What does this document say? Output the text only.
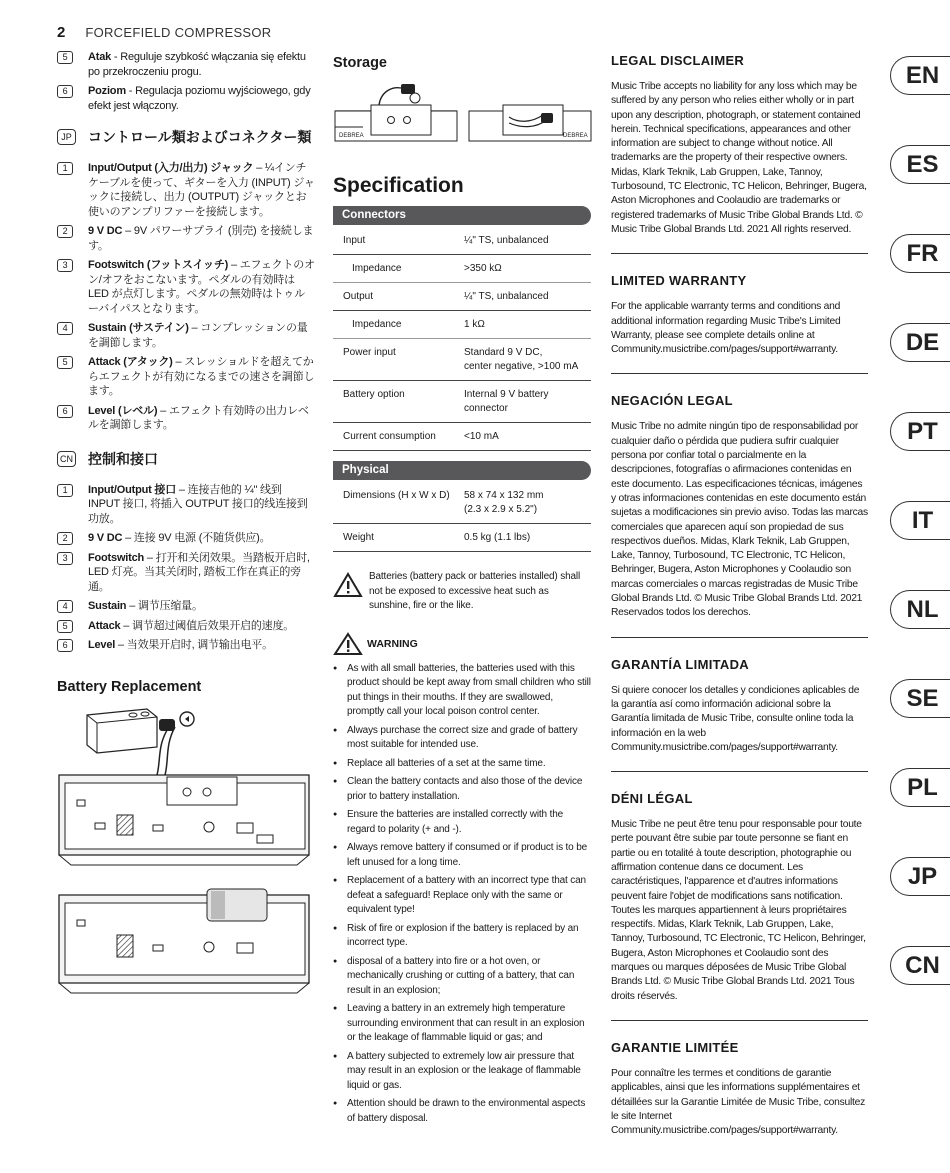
2 FORCEFIELD COMPRESSOR
5	Atak - Reguluje szybkość włączania się efektu po przekroczeniu progu.
6	Poziom - Regulacja poziomu wyjściowego, gdy efekt jest włączony.
JP	コントロール類およびコネクター類
1	Input/Output (入力/出力) ジャック – ¼インチケーブルを使って、ギターを入力 (INPUT) ジャックに接続し、出力 (OUTPUT) ジャックとお使いのアンプリファーを接続します。
2	9 V DC – 9V パワーサプライ (別売) を接続します。
3	Footswitch (フットスイッチ) – エフェクトのオン/オフをおこないます。ペダルの有効時は LED が点灯します。ペダルの無効時はトゥルーバイパスとなります。
4	Sustain (サステイン) – コンプレッションの量を調節します。
5	Attack (アタック) – スレッショルドを超えてからエフェクトが有効になるまでの速さを調節します。
6	Level (レベル) – エフェクト有効時の出力レベルを調節します。
CN 控制和接口
1	Input/Output 接口 – 连接吉他的 ¼" 线到 INPUT 接口, 将插入 OUTPUT 接口的线连接到功放。
2	9 V DC – 连接 9V 电源 (不随货供应)。
3	Footswitch – 打开和关闭效果。当踏板开启时, LED 灯亮。当其关闭时, 踏板工作在真正的旁通。
4	Sustain – 调节压缩量。
5	Attack – 调节超过阈值后效果开启的速度。
6	Level – 当效果开启时, 调节输出电平。
Battery Replacement
Storage
DEBREA	DEBREA
Specification
Connectors
Input	¼" TS, unbalanced
Impedance	>350 kΩ
Output	¼" TS, unbalanced
Impedance	1 kΩ
Power input	Standard 9 V DC,
center negative, >100 mA
Battery option	Internal 9 V battery
connector
Current consumption	<10 mA
Physical
Dimensions (H x W x D)	58 x 74 x 132 mm
(2.3 x 2.9 x 5.2")
Weight	0.5 kg (1.1 lbs)

Batteries (battery pack or batteries installed) shall not be exposed to excessive heat such as sunshine, fire or the like.

WARNING
● As with all small batteries, the batteries used with this product should be kept away from small children who still put things in their mouths. If they are swallowed, promptly call your local poison control center.
● Always purchase the correct size and grade of battery most suitable for intended use.
● Replace all batteries of a set at the same time.
● Clean the battery contacts and also those of the device prior to battery installation.
● Ensure the batteries are installed correctly with the regard to polarity (+ and -).
● Always remove battery if consumed or if product is to be left unused for a long time.
● Replacement of a battery with an incorrect type that can defeat a safeguard! Replace only with the same or equivalent type!
● Risk of fire or explosion if the battery is replaced by an incorrect type.
● disposal of a battery into fire or a hot oven, or mechanically crushing or cutting of a battery, that can result in an explosion;
● Leaving a battery in an extremely high temperature surrounding environment that can result in an explosion or the leakage of flammable liquid or gas; and
● A battery subjected to extremely low air pressure that may result in an explosion or the leakage of flammable liquid or gas.
● Attention should be drawn to the environmental aspects of battery disposal.
LEGAL DISCLAIMER

Music Tribe accepts no liability for any loss which may be suffered by any person who relies either wholly or in part upon any description, photograph, or statement contained herein. Technical specifications, appearances and other information are subject to change without notice. All trademarks are the property of their respective owners. Midas, Klark Teknik, Lab Gruppen, Lake, Tannoy, Turbosound, TC Electronic, TC Helicon, Behringer, Bugera, Aston Microphones and Coolaudio are trademarks or registered trademarks of Music Tribe Global Brands Ltd. © Music Tribe Global Brands Ltd. 2021 All rights reserved.

LIMITED WARRANTY

For the applicable warranty terms and conditions and additional information regarding Music Tribe's Limited Warranty, please see complete details online at Community.musictribe.com/pages/support#warranty.

NEGACIÓN LEGAL

Music Tribe no admite ningún tipo de responsabilidad por cualquier daño o pérdida que pudiera sufrir cualquier persona por confiar total o parcialmente en la descripciones, fotografías o afirmaciones contenidas en este documento. Las especificaciones técnicas, imágenes y otras informaciones contenidas en este documento están sujetas a modificaciones sin previo aviso. Todas las marcas comerciales que aparecen aquí son propiedad de sus respectivos dueños. Midas, Klark Teknik, Lab Gruppen, Lake, Tannoy, Turbosound, TC Electronic, TC Helicon, Behringer, Bugera, Aston Microphones y Coolaudio son marcas comerciales o marcas registradas de Music Tribe Global Brands Ltd. © Music Tribe Global Brands Ltd. 2021 Reservados todos los derechos.

GARANTÍA LIMITADA

Si quiere conocer los detalles y condiciones aplicables de la garantía así como información adicional sobre la Garantía limitada de Music Tribe, consulte online toda la información en la web Community.musictribe.com/pages/support#warranty.

DÉNI LÉGAL

Music Tribe ne peut être tenu pour responsable pour toute perte pouvant être subie par toute personne se fiant en partie ou en totalité à toute description, photographie ou affirmation contenue dans ce document. Les caractéristiques, l'apparence et d'autres informations peuvent faire l'objet de modifications sans notification. Toutes les marques appartiennent à leurs propriétaires respectifs. Midas, Klark Teknik, Lab Gruppen, Lake, Tannoy, Turbosound, TC Electronic, TC Helicon, Behringer, Bugera, Aston Microphones et Coolaudio sont des marques ou marques déposées de Music Tribe Global Brands Ltd. © Music Tribe Global Brands Ltd. 2021 Tous droits réservés.

GARANTIE LIMITÉE

Pour connaître les termes et conditions de garantie applicables, ainsi que les informations supplémentaires et détaillées sur la Garantie Limitée de Music Tribe, consultez le site Internet Community.musictribe.com/pages/support#warranty.

EN
ES
FR
DE
PT
IT
NL
SE
PL
JP
CN
